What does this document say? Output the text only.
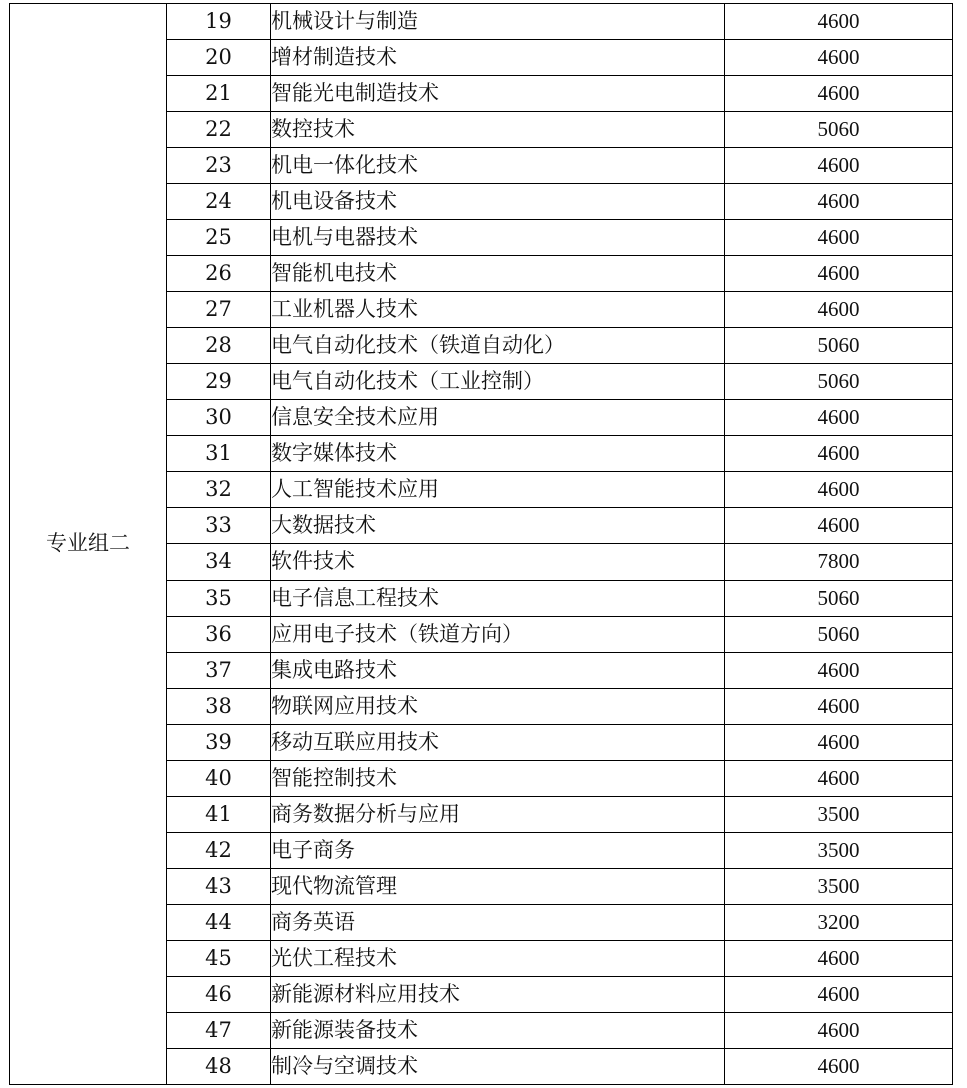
专业组二	19	机械设计与制造	4600
	20	增材制造技术	4600
	21	智能光电制造技术	4600
	22	数控技术	5060
	23	机电一体化技术	4600
	24	机电设备技术	4600
	25	电机与电器技术	4600
	26	智能机电技术	4600
	27	工业机器人技术	4600
	28	电气自动化技术（铁道自动化）	5060
	29	电气自动化技术（工业控制）	5060
	30	信息安全技术应用	4600
	31	数字媒体技术	4600
	32	人工智能技术应用	4600
	33	大数据技术	4600
	34	软件技术	7800
	35	电子信息工程技术	5060
	36	应用电子技术（铁道方向）	5060
	37	集成电路技术	4600
	38	物联网应用技术	4600
	39	移动互联应用技术	4600
	40	智能控制技术	4600
	41	商务数据分析与应用	3500
	42	电子商务	3500
	43	现代物流管理	3500
	44	商务英语	3200
	45	光伏工程技术	4600
	46	新能源材料应用技术	4600
	47	新能源装备技术	4600
	48	制冷与空调技术	4600
